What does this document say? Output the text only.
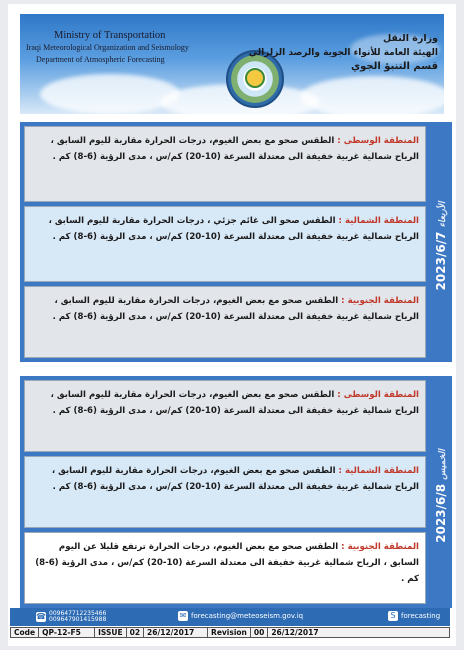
Ministry of Transportation
Iraqi Meteorological Organization and Seismology
Department of Atmospheric Forecasting
وزارة النقل
الهيئة العامة للأنواء الجوية والرصد الزلزالي
قسم التنبؤ الجوي
2023/6/7 الأربعاء
المنطقة الوسطى : الطقس صحو مع بعض الغيوم، درجات الحرارة مقاربة لليوم السابق ، الرياح شمالية غربية خفيفة الى معتدلة السرعة (10-20) كم/س ، مدى الرؤية (6-8) كم .
المنطقة الشمالية : الطقس صحو الى غائم جزئي ، درجات الحرارة مقاربة لليوم السابق ، الرياح شمالية غربية خفيفة الى معتدلة السرعة (10-20) كم/س ، مدى الرؤية (6-8) كم .
المنطقة الجنوبية : الطقس صحو مع بعض الغيوم، درجات الحرارة مقاربة لليوم السابق ، الرياح شمالية غربية خفيفة الى معتدلة السرعة (10-20) كم/س ، مدى الرؤية (6-8) كم .
2023/6/8 الخميس
المنطقة الوسطى : الطقس صحو مع بعض الغيوم، درجات الحرارة مقاربة لليوم السابق ، الرياح شمالية غربية خفيفة الى معتدلة السرعة (10-20) كم/س ، مدى الرؤية (6-8) كم .
المنطقة الشمالية : الطقس صحو مع بعض الغيوم، درجات الحرارة مقاربة لليوم السابق ، الرياح شمالية غربية خفيفة الى معتدلة السرعة (10-20) كم/س ، مدى الرؤية (6-8) كم .
المنطقة الجنوبية : الطقس صحو مع بعض الغيوم، درجات الحرارة ترتفع قليلا عن اليوم السابق ، الرياح شمالية غربية خفيفة الى معتدلة السرعة (10-20) كم/س ، مدى الرؤية (6-8) كم .
☎ 009647712235466
009647901415988	✉ forecasting@meteoseism.gov.iq	S forecasting
Code QP-12-F5	ISSUE 02 26/12/2017	Revision 00 26/12/2017
